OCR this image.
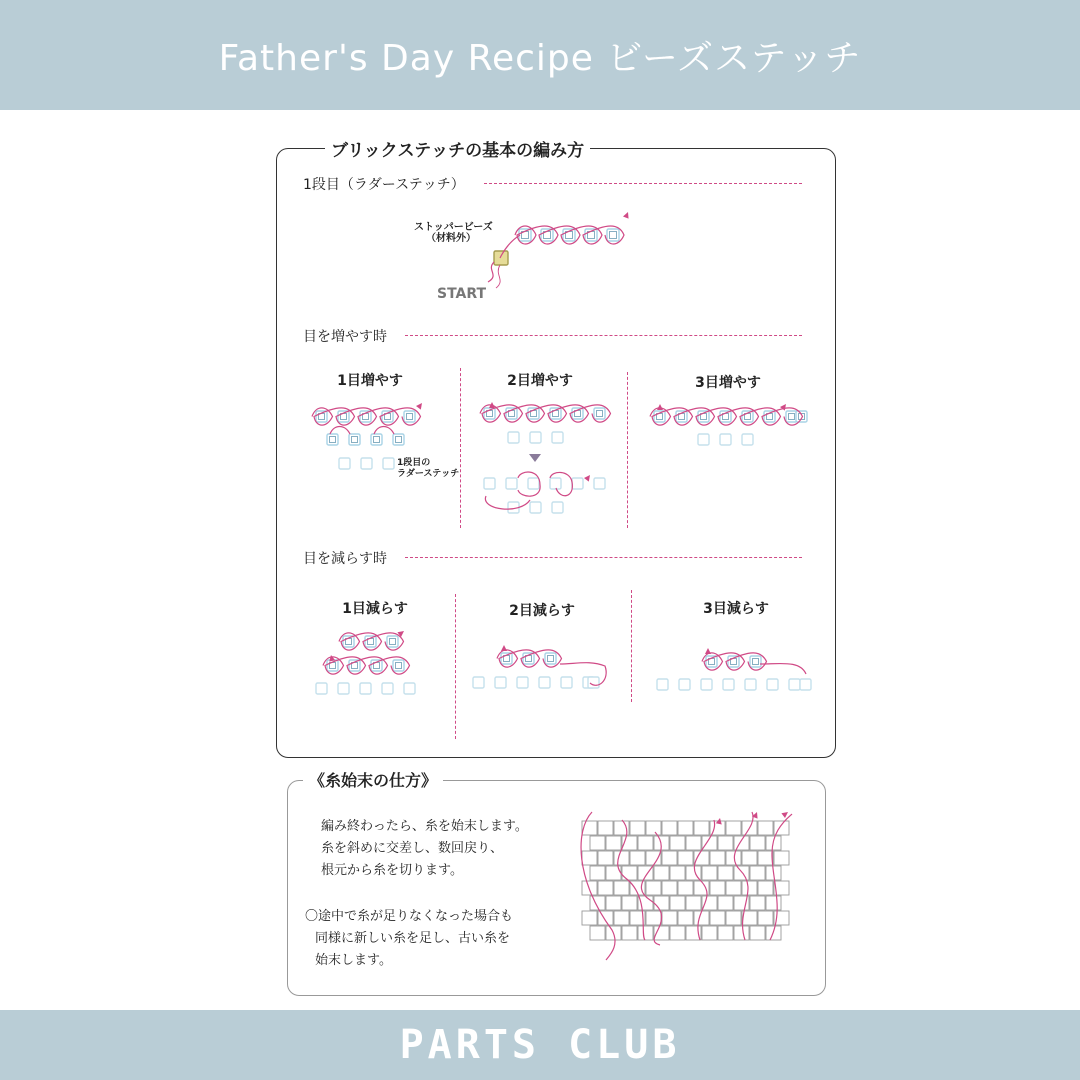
Father's Day Recipe ビーズステッチ
PARTS CLUB
ブリックステッチの基本の編み方
1段目（ラダーステッチ）
ストッパービーズ
（材料外）
START
目を増やす時
1目増やす	2目増やす	3目増やす
1段目の
ラダーステッチ
目を減らす時
1目減らす	2目減らす	3目減らす
《糸始末の仕方》
編み終わったら、糸を始末します。
糸を斜めに交差し、数回戻り、
根元から糸を切ります。
〇途中で糸が足りなくなった場合も
同様に新しい糸を足し、古い糸を
始末します。
